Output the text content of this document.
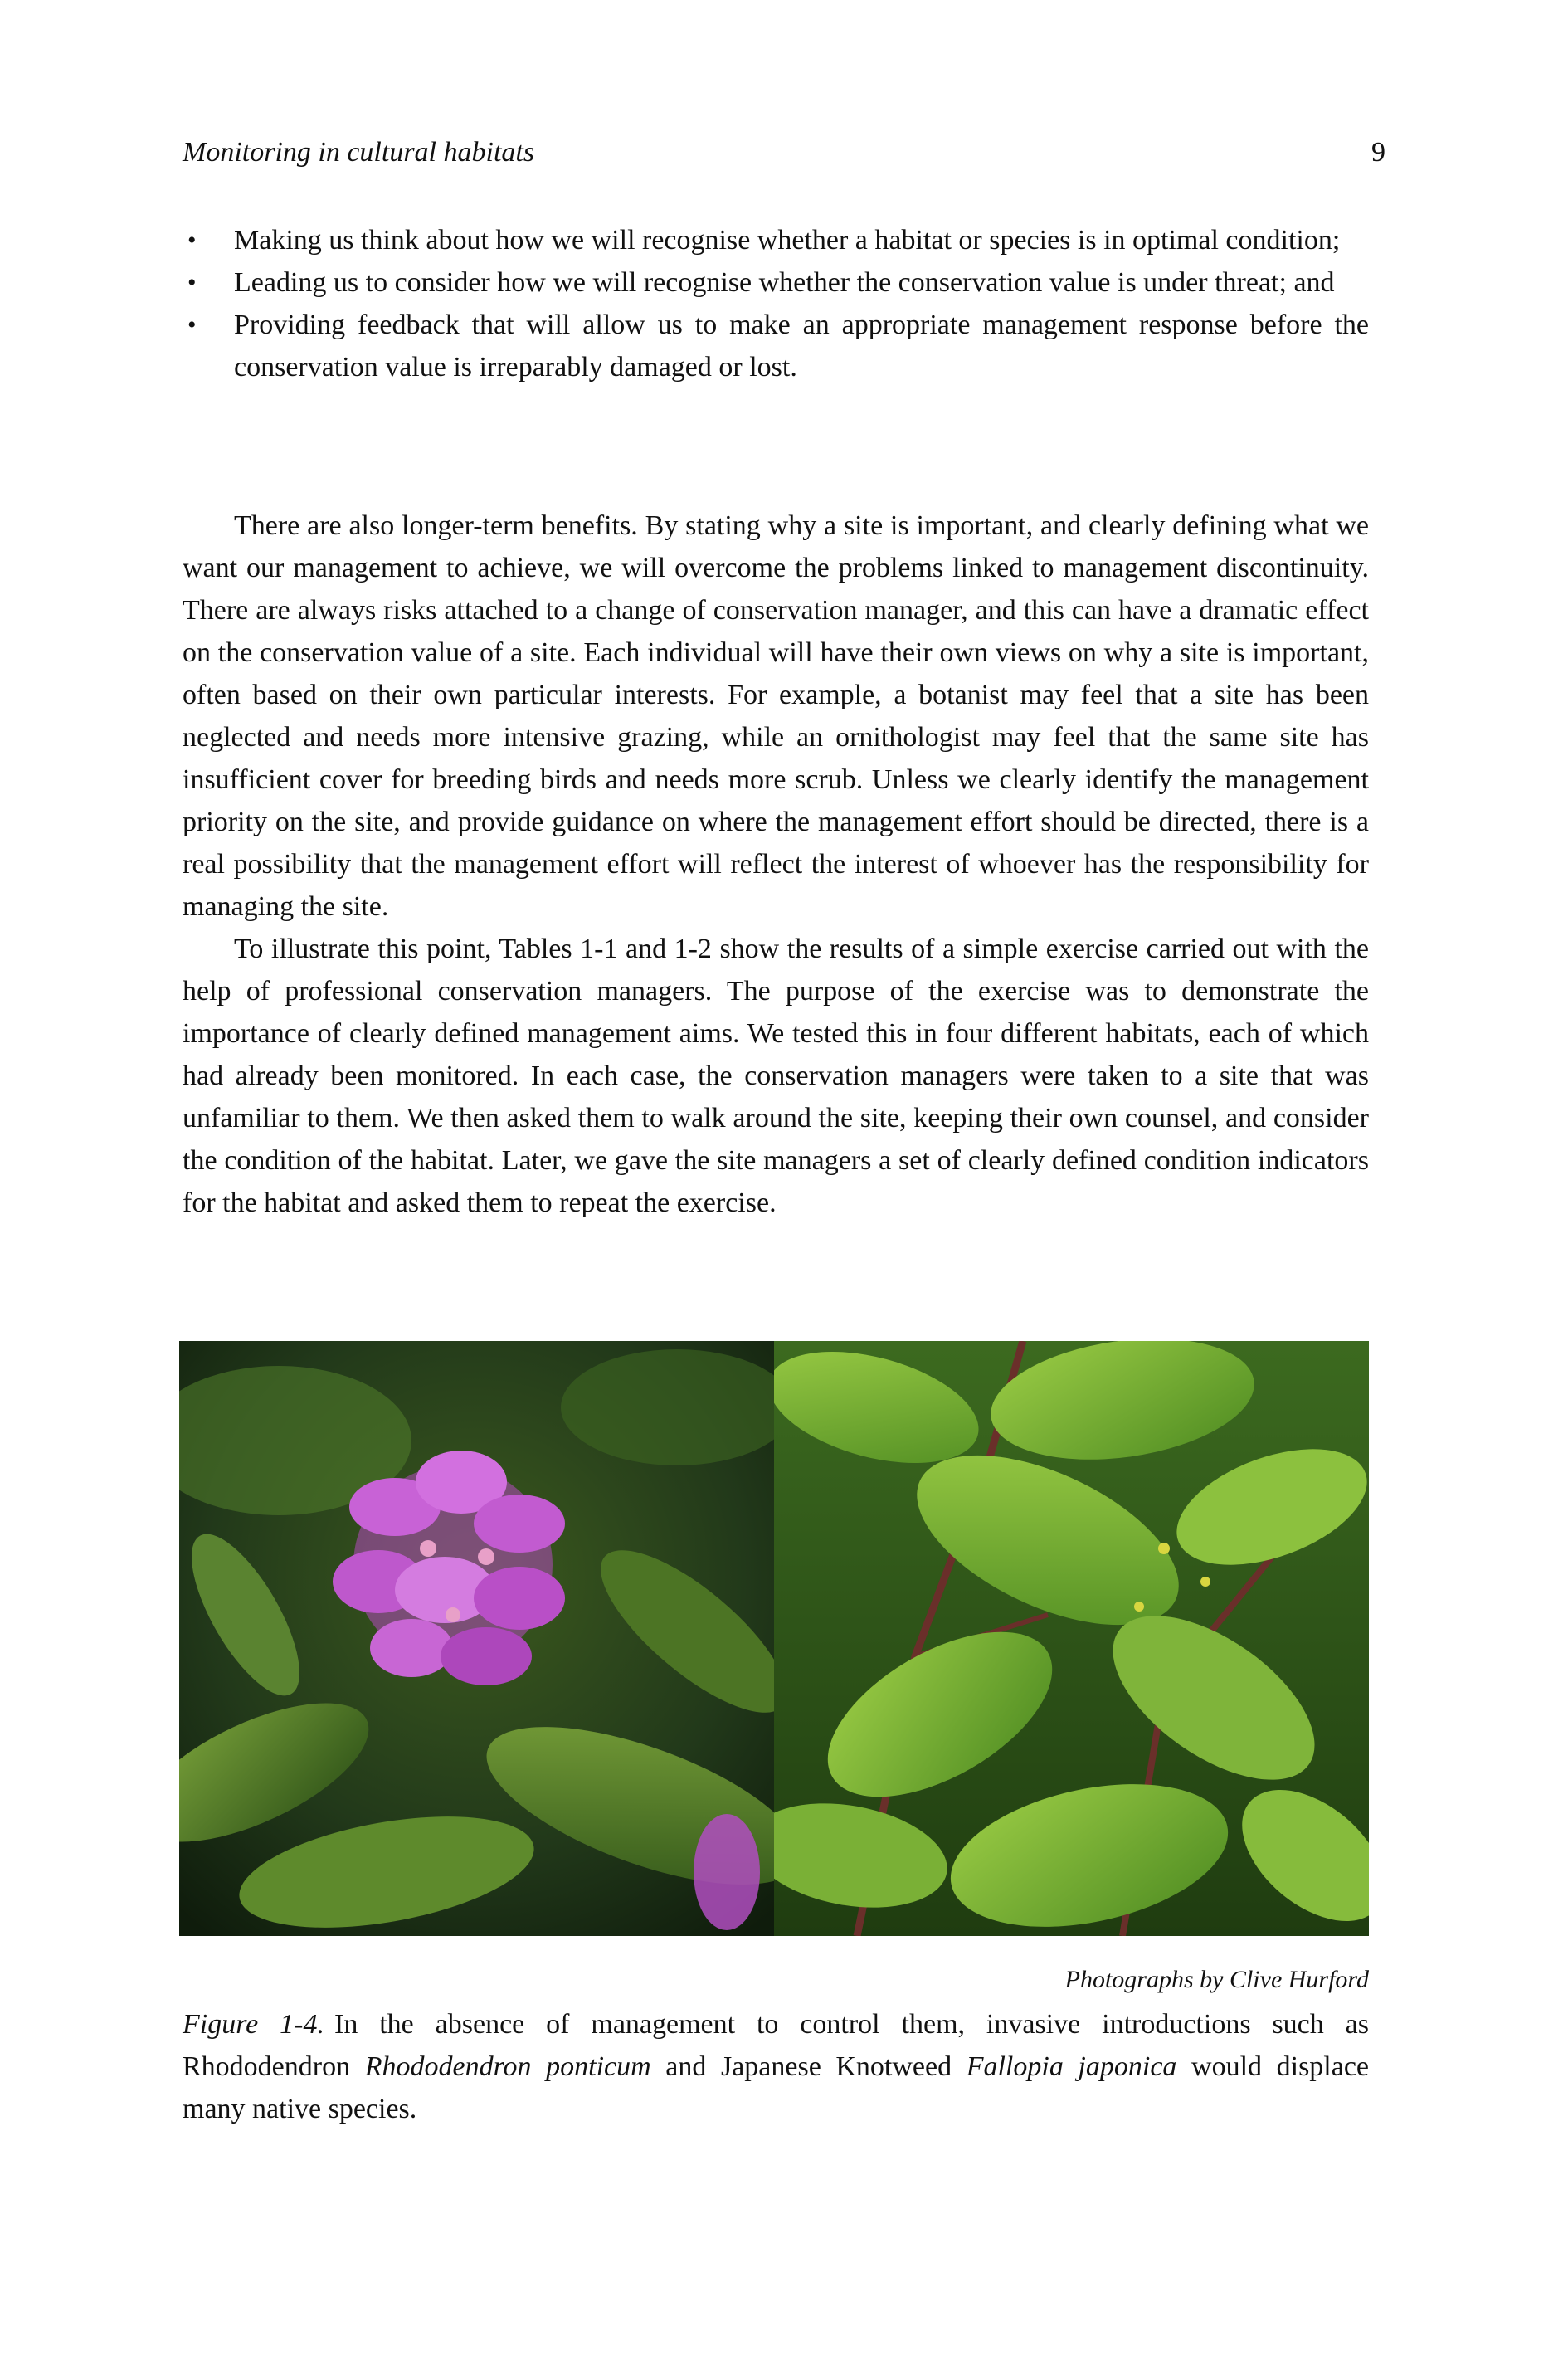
Monitoring in cultural habitats	9
• Making us think about how we will recognise whether a habitat or species is in optimal condition;
• Leading us to consider how we will recognise whether the conservation value is under threat; and
• Providing feedback that will allow us to make an appropriate management response before the conservation value is irreparably damaged or lost.

There are also longer-term benefits. By stating why a site is important, and clearly defining what we want our management to achieve, we will overcome the problems linked to management discontinuity. There are always risks attached to a change of conservation manager, and this can have a dramatic effect on the conservation value of a site. Each individual will have their own views on why a site is important, often based on their own particular interests. For example, a botanist may feel that a site has been neglected and needs more intensive grazing, while an ornithologist may feel that the same site has insufficient cover for breeding birds and needs more scrub. Unless we clearly identify the management priority on the site, and provide guidance on where the management effort should be directed, there is a real possibility that the management effort will reflect the interest of whoever has the responsibility for managing the site.

To illustrate this point, Tables 1-1 and 1-2 show the results of a simple exercise carried out with the help of professional conservation managers. The purpose of the exercise was to demonstrate the importance of clearly defined management aims. We tested this in four different habitats, each of which had already been monitored. In each case, the conservation managers were taken to a site that was unfamiliar to them. We then asked them to walk around the site, keeping their own counsel, and consider the condition of the habitat. Later, we gave the site managers a set of clearly defined condition indicators for the habitat and asked them to repeat the exercise.

Photographs by Clive Hurford

Figure 1-4. In the absence of management to control them, invasive introductions such as Rhododendron Rhododendron ponticum and Japanese Knotweed Fallopia japonica would displace many native species.
